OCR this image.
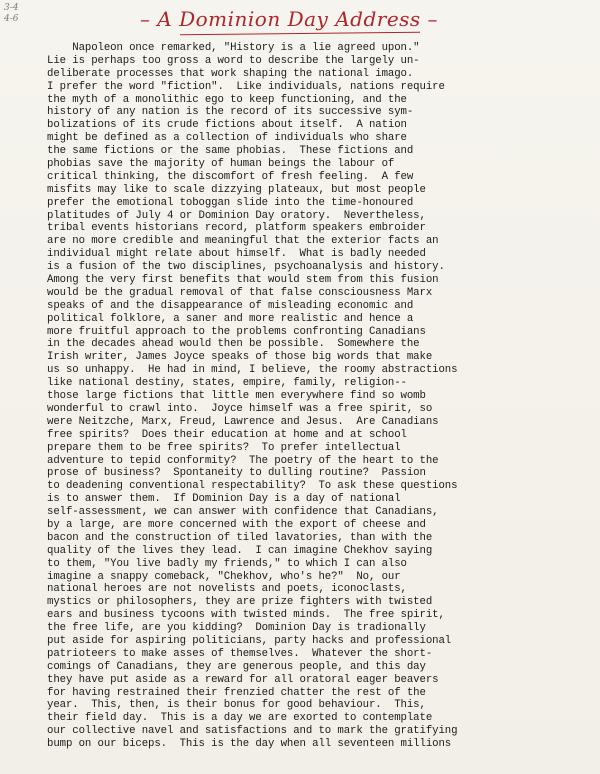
3-4
4-6	– A Dominion Day Address –
Napoleon once remarked, "History is a lie agreed upon."
Lie is perhaps too gross a word to describe the largely un-
deliberate processes that work shaping the national imago.
I prefer the word "fiction".  Like individuals, nations require
the myth of a monolithic ego to keep functioning, and the
history of any nation is the record of its successive sym-
bolizations of its crude fictions about itself.  A nation
might be defined as a collection of individuals who share
the same fictions or the same phobias.  These fictions and
phobias save the majority of human beings the labour of
critical thinking, the discomfort of fresh feeling.  A few
misfits may like to scale dizzying plateaux, but most people
prefer the emotional toboggan slide into the time-honoured
platitudes of July 4 or Dominion Day oratory.  Nevertheless,
tribal events historians record, platform speakers embroider
are no more credible and meaningful that the exterior facts an
individual might relate about himself.  What is badly needed
is a fusion of the two disciplines, psychoanalysis and history.
Among the very first benefits that would stem from this fusion
would be the gradual removal of that false consciousness Marx
speaks of and the disappearance of misleading economic and
political folklore, a saner and more realistic and hence a
more fruitful approach to the problems confronting Canadians
in the decades ahead would then be possible.  Somewhere the
Irish writer, James Joyce speaks of those big words that make
us so unhappy.  He had in mind, I believe, the roomy abstractions
like national destiny, states, empire, family, religion--
those large fictions that little men everywhere find so womb
wonderful to crawl into.  Joyce himself was a free spirit, so
were Neitzche, Marx, Freud, Lawrence and Jesus.  Are Canadians
free spirits?  Does their education at home and at school
prepare them to be free spirits?  To prefer intellectual
adventure to tepid conformity?  The poetry of the heart to the
prose of business?  Spontaneity to dulling routine?  Passion
to deadening conventional respectability?  To ask these questions
is to answer them.  If Dominion Day is a day of national
self-assessment, we can answer with confidence that Canadians,
by a large, are more concerned with the export of cheese and
bacon and the construction of tiled lavatories, than with the
quality of the lives they lead.  I can imagine Chekhov saying
to them, "You live badly my friends," to which I can also
imagine a snappy comeback, "Chekhov, who's he?"  No, our
national heroes are not novelists and poets, iconoclasts,
mystics or philosophers, they are prize fighters with twisted
ears and business tycoons with twisted minds.  The free spirit,
the free life, are you kidding?  Dominion Day is tradionally
put aside for aspiring politicians, party hacks and professional
patrioteers to make asses of themselves.  Whatever the short-
comings of Canadians, they are generous people, and this day
they have put aside as a reward for all oratoral eager beavers
for having restrained their frenzied chatter the rest of the
year.  This, then, is their bonus for good behaviour.  This,
their field day.  This is a day we are exorted to contemplate
our collective navel and satisfactions and to mark the gratifying
bump on our biceps.  This is the day when all seventeen millions
